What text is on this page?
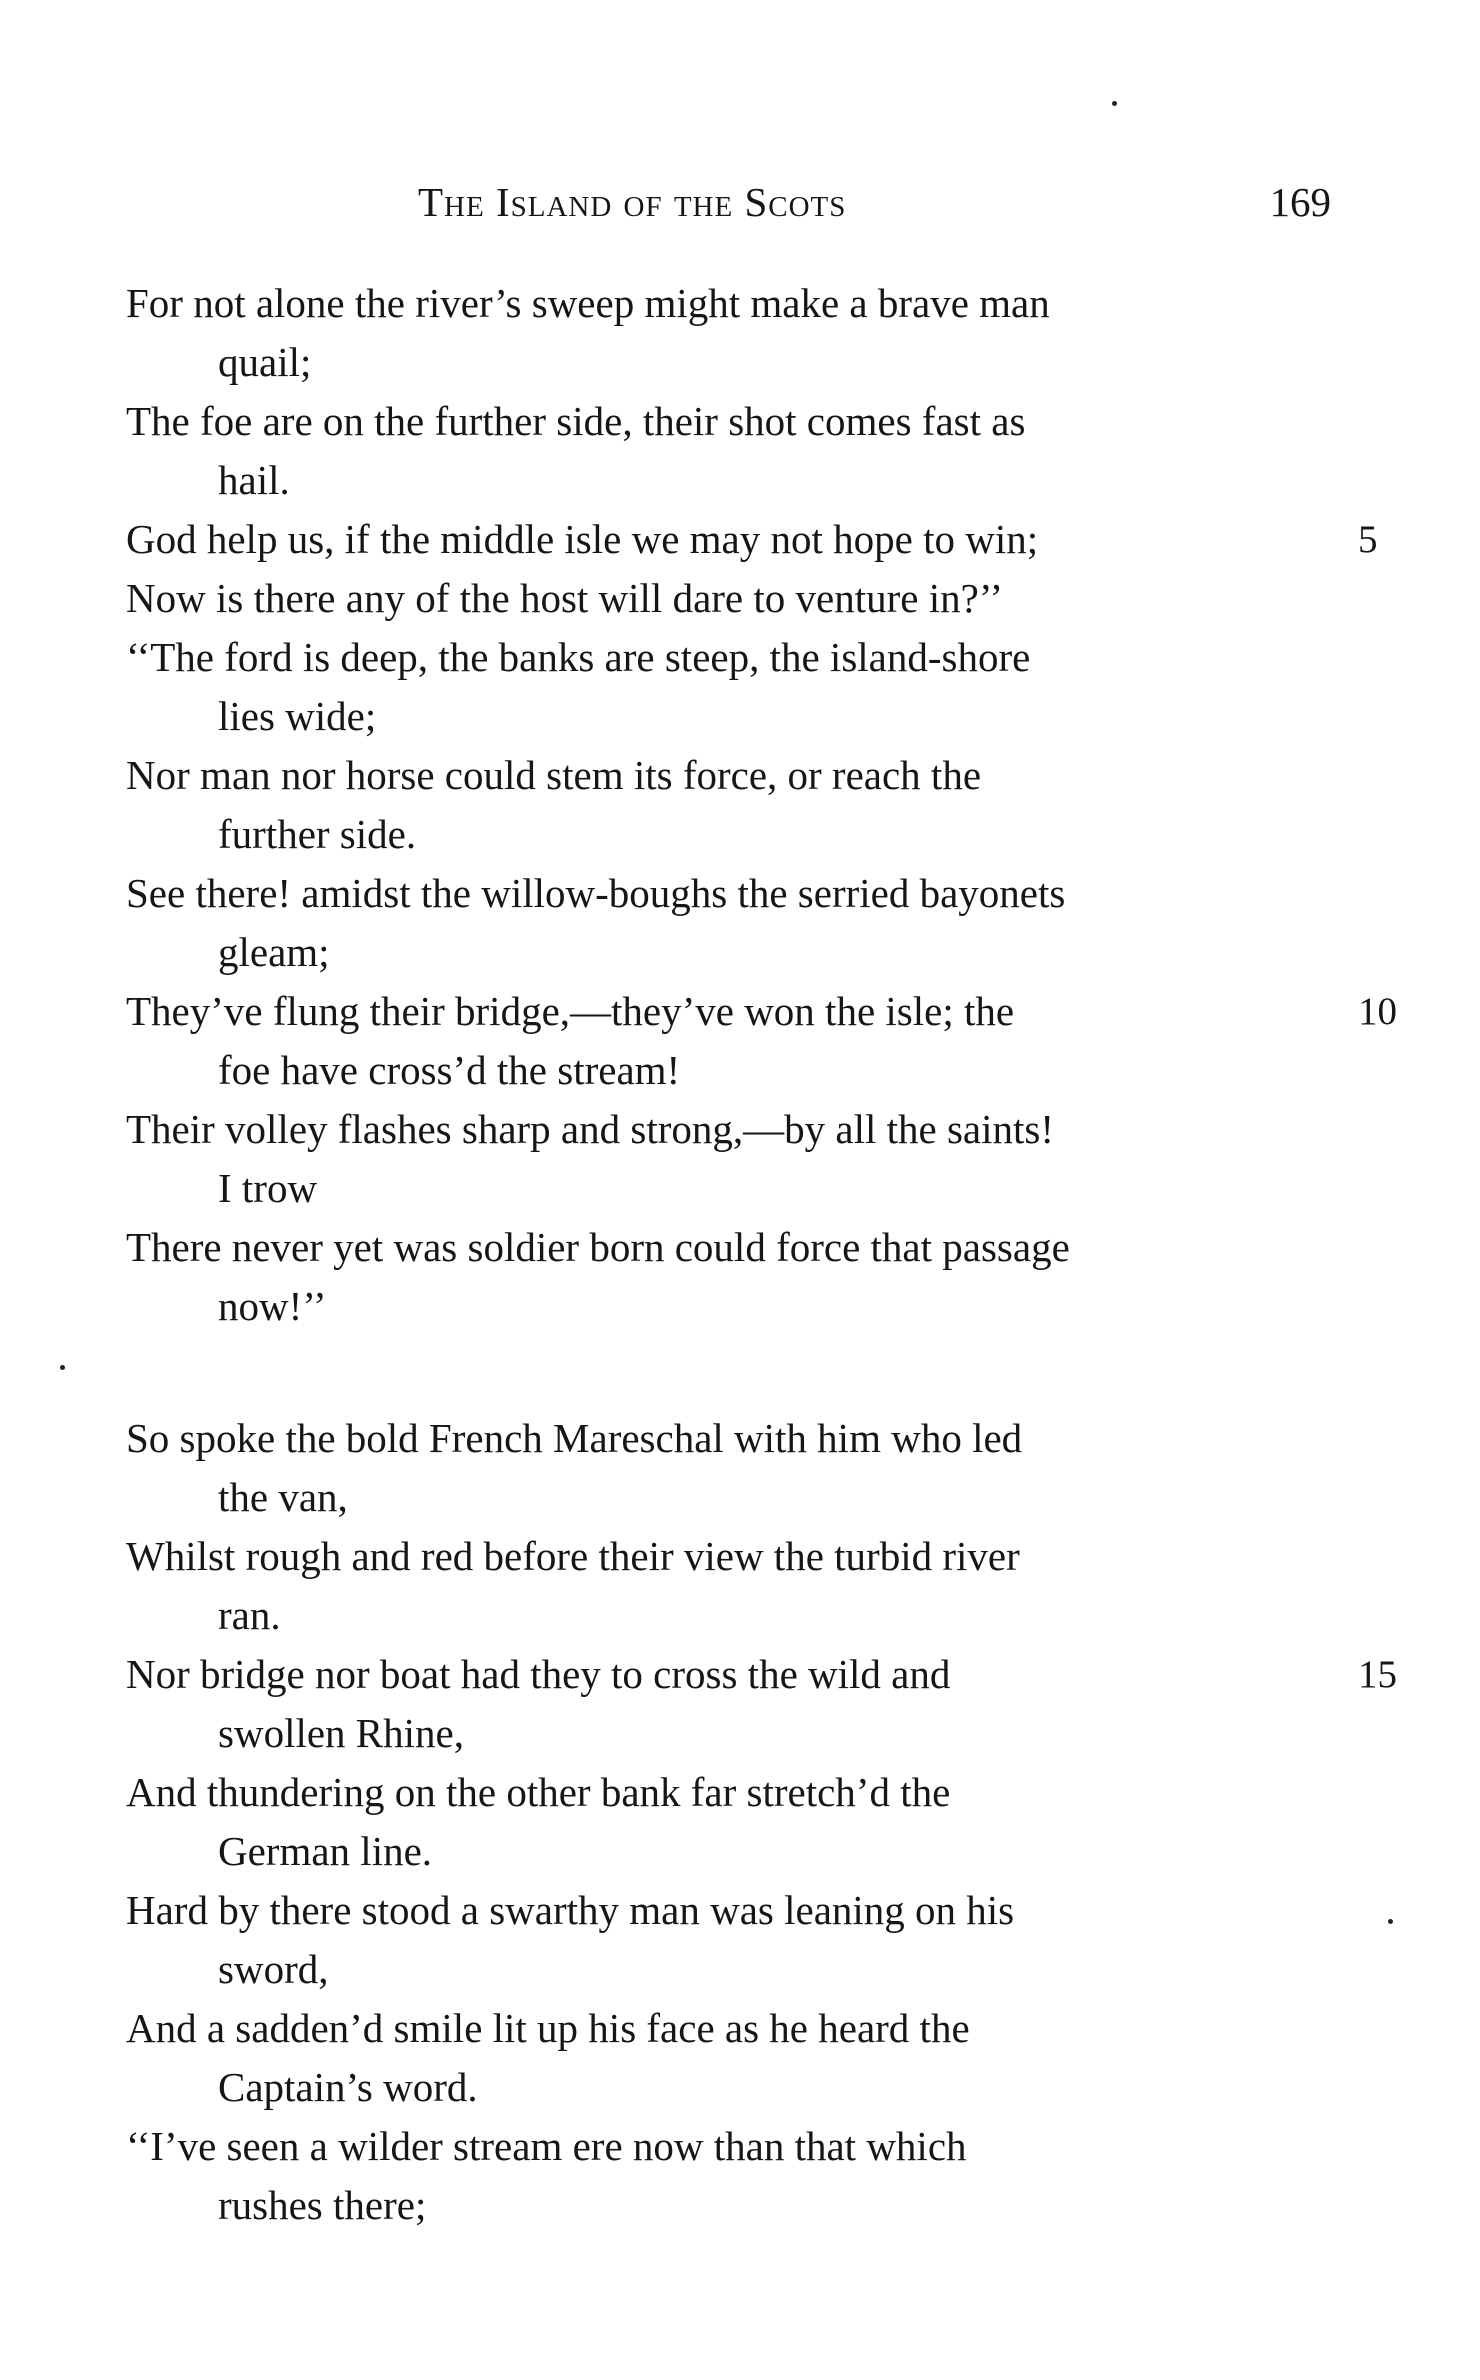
The Island of the Scots	169
For not alone the river’s sweep might make a brave man
quail;
The foe are on the further side, their shot comes fast as
hail.
God help us, if the middle isle we may not hope to win;	5
Now is there any of the host will dare to venture in?’’
‘‘The ford is deep, the banks are steep, the island-shore
lies wide;
Nor man nor horse could stem its force, or reach the
further side.
See there! amidst the willow-boughs the serried bayonets
gleam;
They’ve flung their bridge,—they’ve won the isle; the	10
foe have cross’d the stream!
Their volley flashes sharp and strong,—by all the saints!
I trow
There never yet was soldier born could force that passage
now!’’
So spoke the bold French Mareschal with him who led
the van,
Whilst rough and red before their view the turbid river
ran.
Nor bridge nor boat had they to cross the wild and	15
swollen Rhine,
And thundering on the other bank far stretch’d the
German line.
Hard by there stood a swarthy man was leaning on his
sword,
And a sadden’d smile lit up his face as he heard the
Captain’s word.
‘‘I’ve seen a wilder stream ere now than that which
rushes there;
